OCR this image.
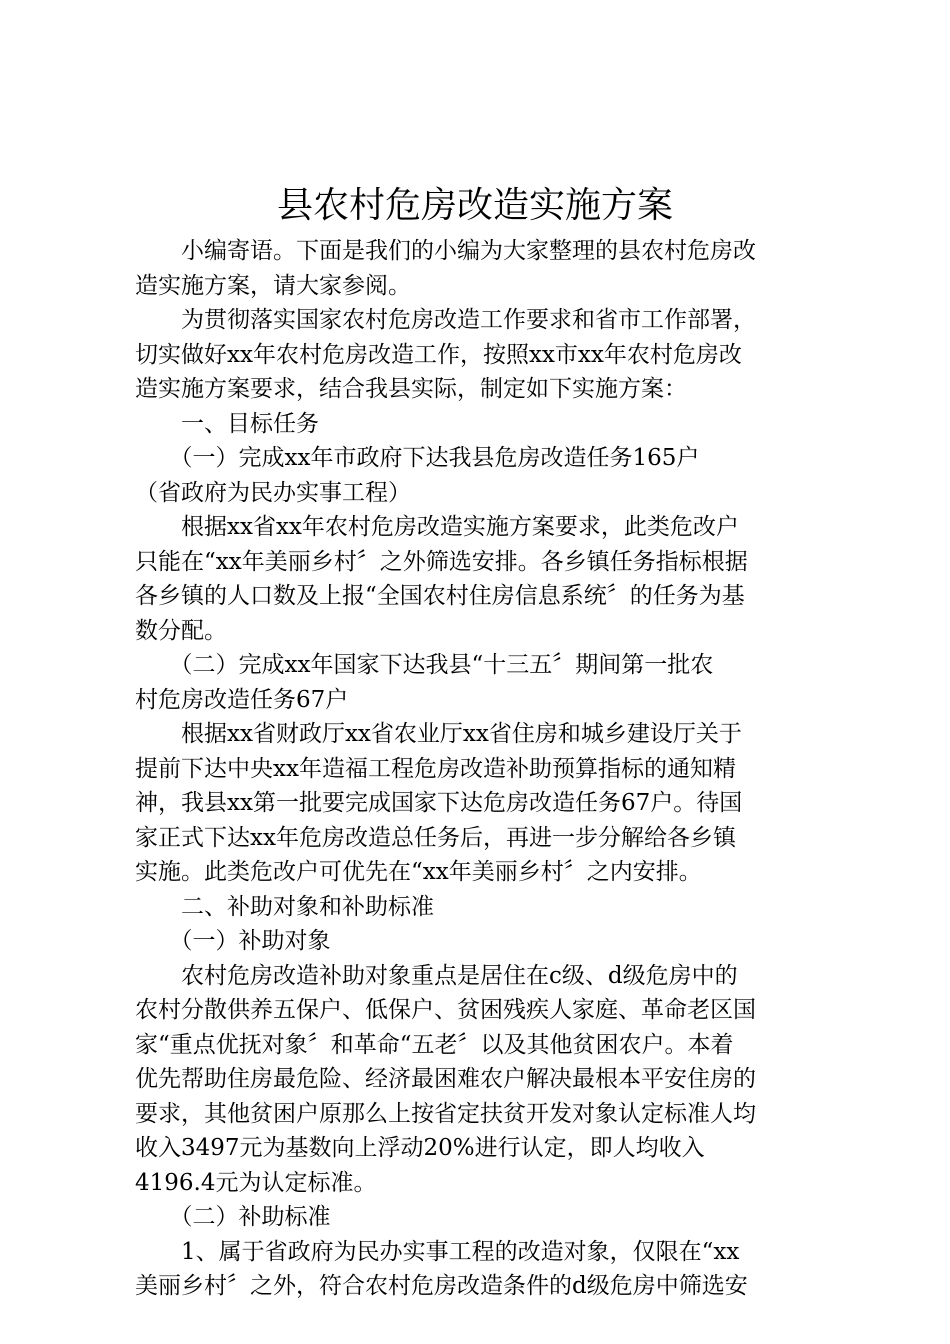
县农村危房改造实施方案
　　小编寄语。下面是我们的小编为大家整理的县农村危房改
造实施方案，请大家参阅。
　　为贯彻落实国家农村危房改造工作要求和省市工作部署，
切实做好xx年农村危房改造工作，按照xx市xx年农村危房改
造实施方案要求，结合我县实际，制定如下实施方案：
　　一、目标任务
　　（一）完成xx年市政府下达我县危房改造任务165户
（省政府为民办实事工程）
　　根据xx省xx年农村危房改造实施方案要求，此类危改户
只能在“xx年美丽乡村〞之外筛选安排。各乡镇任务指标根据
各乡镇的人口数及上报“全国农村住房信息系统〞的任务为基
数分配。
　　（二）完成xx年国家下达我县“十三五〞期间第一批农
村危房改造任务67户
　　根据xx省财政厅xx省农业厅xx省住房和城乡建设厅关于
提前下达中央xx年造福工程危房改造补助预算指标的通知精
神，我县xx第一批要完成国家下达危房改造任务67户。待国
家正式下达xx年危房改造总任务后，再进一步分解给各乡镇
实施。此类危改户可优先在“xx年美丽乡村〞之内安排。
　　二、补助对象和补助标准
　　（一）补助对象
　　农村危房改造补助对象重点是居住在c级、d级危房中的
农村分散供养五保户、低保户、贫困残疾人家庭、革命老区国
家“重点优抚对象〞和革命“五老〞以及其他贫困农户。本着
优先帮助住房最危险、经济最困难农户解决最根本平安住房的
要求，其他贫困户原那么上按省定扶贫开发对象认定标准人均
收入3497元为基数向上浮动20%进行认定，即人均收入
4196.4元为认定标准。
　　（二）补助标准
　　1、属于省政府为民办实事工程的改造对象，仅限在“xx
美丽乡村〞之外，符合农村危房改造条件的d级危房中筛选安
